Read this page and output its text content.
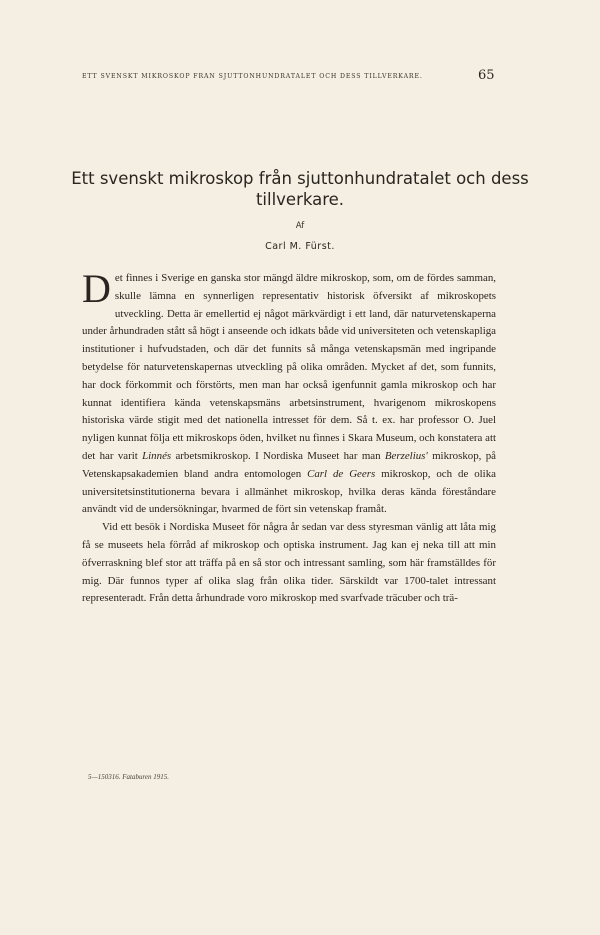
ETT SVENSKT MIKROSKOP FRÅN SJUTTONHUNDRATALET OCH DESS TILLVERKARE.	65
Ett svenskt mikroskop från sjuttonhundratalet och dess tillverkare.
Af
Carl M. Fürst.

Det finnes i Sverige en ganska stor mängd äldre mikroskop, som, om de fördes samman, skulle lämna en synnerligen representativ historisk öfversikt af mikroskopets utveckling. Detta är emellertid ej något märkvärdigt i ett land, där naturvetenskaperna under århundraden stått så högt i anseende och idkats både vid universiteten och vetenskapliga institutioner i hufvudstaden, och där det funnits så många vetenskapsmän med ingripande betydelse för naturvetenskapernas utveckling på olika områden. Mycket af det, som funnits, har dock förkommit och förstörts, men man har också igenfunnit gamla mikroskop och har kunnat identifiera kända vetenskapsmäns arbetsinstrument, hvarigenom mikroskopens historiska värde stigit med det nationella intresset för dem. Så t. ex. har professor O. Juel nyligen kunnat följa ett mikroskops öden, hvilket nu finnes i Skara Museum, och konstatera att det har varit Linnés arbetsmikroskop. I Nordiska Museet har man Berzelius' mikroskop, på Vetenskapsakademien bland andra entomologen Carl de Geers mikroskop, och de olika universitetsinstitutionerna bevara i allmänhet mikroskop, hvilka deras kända föreståndare användt vid de undersökningar, hvarmed de fört sin vetenskap framåt.

Vid ett besök i Nordiska Museet för några år sedan var dess styresman vänlig att låta mig få se museets hela förråd af mikroskop och optiska instrument. Jag kan ej neka till att min öfverraskning blef stor att träffa på en så stor och intressant samling, som här framställdes för mig. Där funnos typer af olika slag från olika tider. Särskildt var 1700-talet intressant representeradt. Från detta århundrade voro mikroskop med svarfvade träcuber och trä-

5—150316. Fataburen 1915.
